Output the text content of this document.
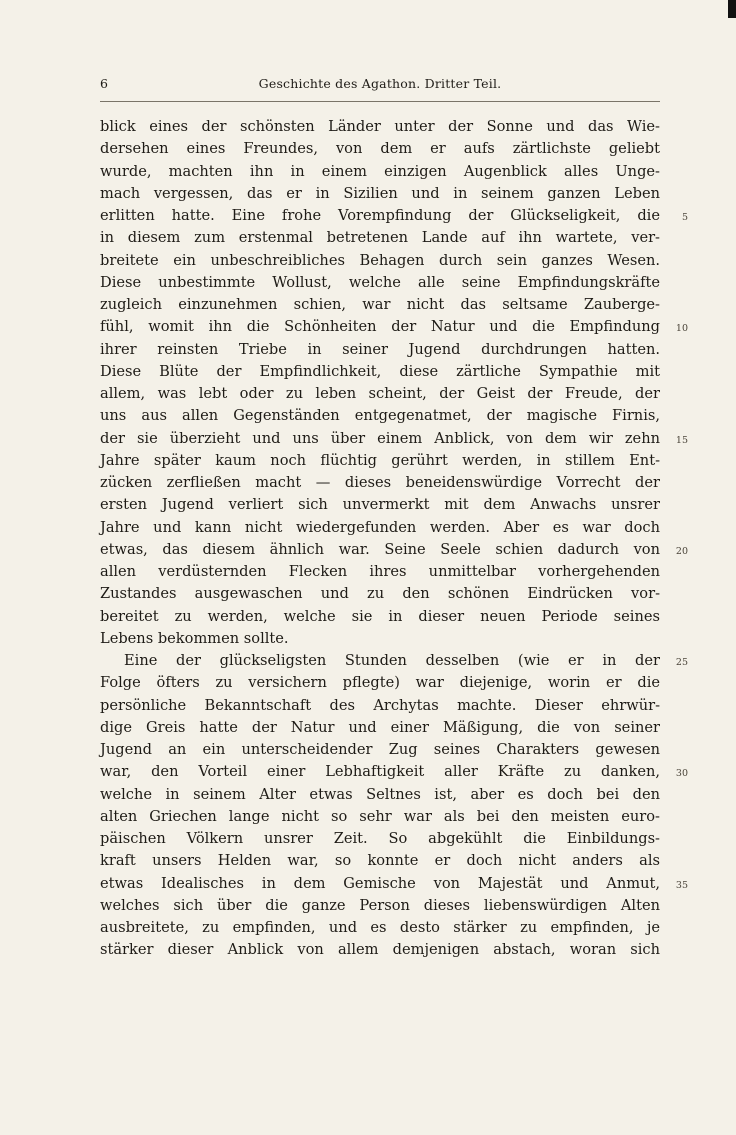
6	Geschichte des Agathon. Dritter Teil.
blick eines der schönsten Länder unter der Sonne und das Wie-
dersehen eines Freundes, von dem er aufs zärtlichste geliebt
wurde, machten ihn in einem einzigen Augenblick alles Unge-
mach vergessen, das er in Sizilien und in seinem ganzen Leben
erlitten hatte. Eine frohe Vorempfindung der Glückseligkeit, die 5
in diesem zum erstenmal betretenen Lande auf ihn wartete, ver-
breitete ein unbeschreibliches Behagen durch sein ganzes Wesen.
Diese unbestimmte Wollust, welche alle seine Empfindungskräfte
zugleich einzunehmen schien, war nicht das seltsame Zauberge-
fühl, womit ihn die Schönheiten der Natur und die Empfindung 10
ihrer reinsten Triebe in seiner Jugend durchdrungen hatten.
Diese Blüte der Empfindlichkeit, diese zärtliche Sympathie mit
allem, was lebt oder zu leben scheint, der Geist der Freude, der
uns aus allen Gegenständen entgegenatmet, der magische Firnis,
der sie überzieht und uns über einem Anblick, von dem wir zehn 15
Jahre später kaum noch flüchtig gerührt werden, in stillem Ent-
zücken zerfließen macht — dieses beneidenswürdige Vorrecht der
ersten Jugend verliert sich unvermerkt mit dem Anwachs unsrer
Jahre und kann nicht wiedergefunden werden. Aber es war doch
etwas, das diesem ähnlich war. Seine Seele schien dadurch von 20
allen verdüsternden Flecken ihres unmittelbar vorhergehenden
Zustandes ausgewaschen und zu den schönen Eindrücken vor-
bereitet zu werden, welche sie in dieser neuen Periode seines
Lebens bekommen sollte.
Eine der glückseligsten Stunden desselben (wie er in der 25
Folge öfters zu versichern pflegte) war diejenige, worin er die
persönliche Bekanntschaft des Archytas machte. Dieser ehrwür-
dige Greis hatte der Natur und einer Mäßigung, die von seiner
Jugend an ein unterscheidender Zug seines Charakters gewesen
war, den Vorteil einer Lebhaftigkeit aller Kräfte zu danken, 30
welche in seinem Alter etwas Seltnes ist, aber es doch bei den
alten Griechen lange nicht so sehr war als bei den meisten euro-
päischen Völkern unsrer Zeit. So abgekühlt die Einbildungs-
kraft unsers Helden war, so konnte er doch nicht anders als
etwas Idealisches in dem Gemische von Majestät und Anmut, 35
welches sich über die ganze Person dieses liebenswürdigen Alten
ausbreitete, zu empfinden, und es desto stärker zu empfinden, je
stärker dieser Anblick von allem demjenigen abstach, woran sich
